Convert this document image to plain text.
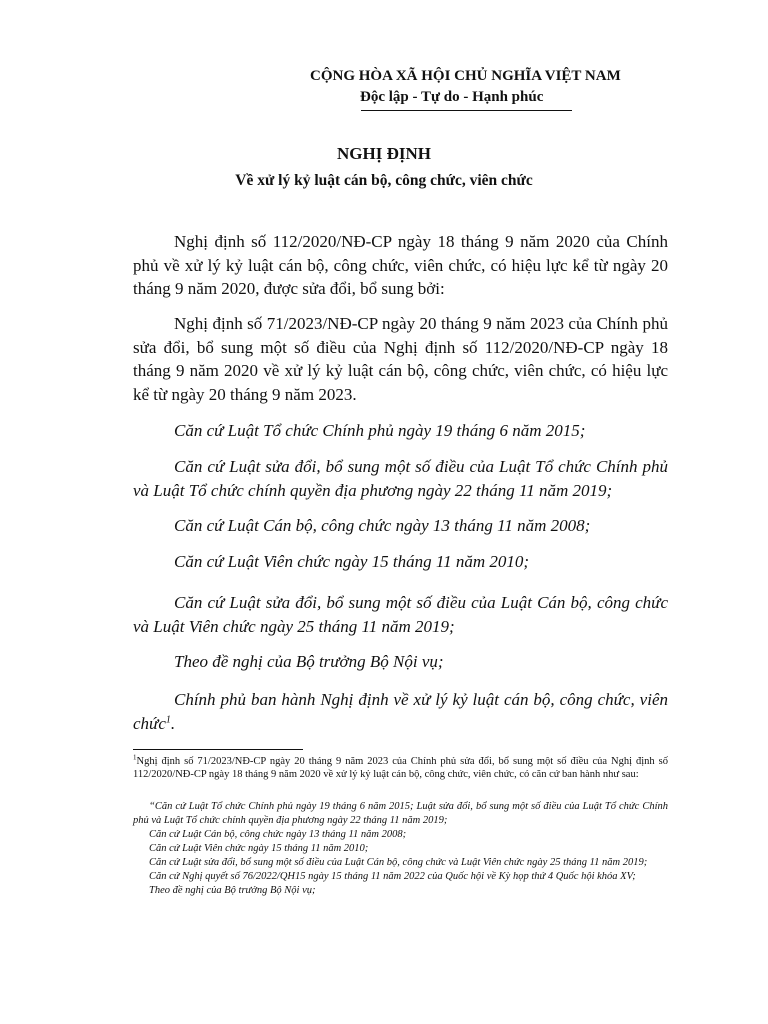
CỘNG HÒA XÃ HỘI CHỦ NGHĨA VIỆT NAM
Độc lập - Tự do - Hạnh phúc
NGHỊ ĐỊNH
Về xử lý kỷ luật cán bộ, công chức, viên chức

Nghị định số 112/2020/NĐ-CP ngày 18 tháng 9 năm 2020 của Chính phủ về xử lý kỷ luật cán bộ, công chức, viên chức, có hiệu lực kể từ ngày 20 tháng 9 năm 2020, được sửa đổi, bổ sung bởi:

Nghị định số 71/2023/NĐ-CP ngày 20 tháng 9 năm 2023 của Chính phủ sửa đổi, bổ sung một số điều của Nghị định số 112/2020/NĐ-CP ngày 18 tháng 9 năm 2020 về xử lý kỷ luật cán bộ, công chức, viên chức, có hiệu lực kể từ ngày 20 tháng 9 năm 2023.

Căn cứ Luật Tổ chức Chính phủ ngày 19 tháng 6 năm 2015;

Căn cứ Luật sửa đổi, bổ sung một số điều của Luật Tổ chức Chính phủ và Luật Tổ chức chính quyền địa phương ngày 22 tháng 11 năm 2019;

Căn cứ Luật Cán bộ, công chức ngày 13 tháng 11 năm 2008;

Căn cứ Luật Viên chức ngày 15 tháng 11 năm 2010;

Căn cứ Luật sửa đổi, bổ sung một số điều của Luật Cán bộ, công chức và Luật Viên chức ngày 25 tháng 11 năm 2019;

Theo đề nghị của Bộ trưởng Bộ Nội vụ;

Chính phủ ban hành Nghị định về xử lý kỷ luật cán bộ, công chức, viên chức$^1$.

$^1$Nghị định số 71/2023/NĐ-CP ngày 20 tháng 9 năm 2023 của Chính phủ sửa đổi, bổ sung một số điều của Nghị định số 112/2020/NĐ-CP ngày 18 tháng 9 năm 2020 về xử lý kỷ luật cán bộ, công chức, viên chức, có căn cứ ban hành như sau:

“Căn cứ Luật Tổ chức Chính phủ ngày 19 tháng 6 năm 2015; Luật sửa đổi, bổ sung một số điều của Luật Tổ chức Chính phủ và Luật Tổ chức chính quyền địa phương ngày 22 tháng 11 năm 2019;

Căn cứ Luật Cán bộ, công chức ngày 13 tháng 11 năm 2008;

Căn cứ Luật Viên chức ngày 15 tháng 11 năm 2010;

Căn cứ Luật sửa đổi, bổ sung một số điều của Luật Cán bộ, công chức và Luật Viên chức ngày 25 tháng 11 năm 2019;

Căn cứ Nghị quyết số 76/2022/QH15 ngày 15 tháng 11 năm 2022 của Quốc hội về Kỳ họp thứ 4 Quốc hội khóa XV;

Theo đề nghị của Bộ trưởng Bộ Nội vụ;
